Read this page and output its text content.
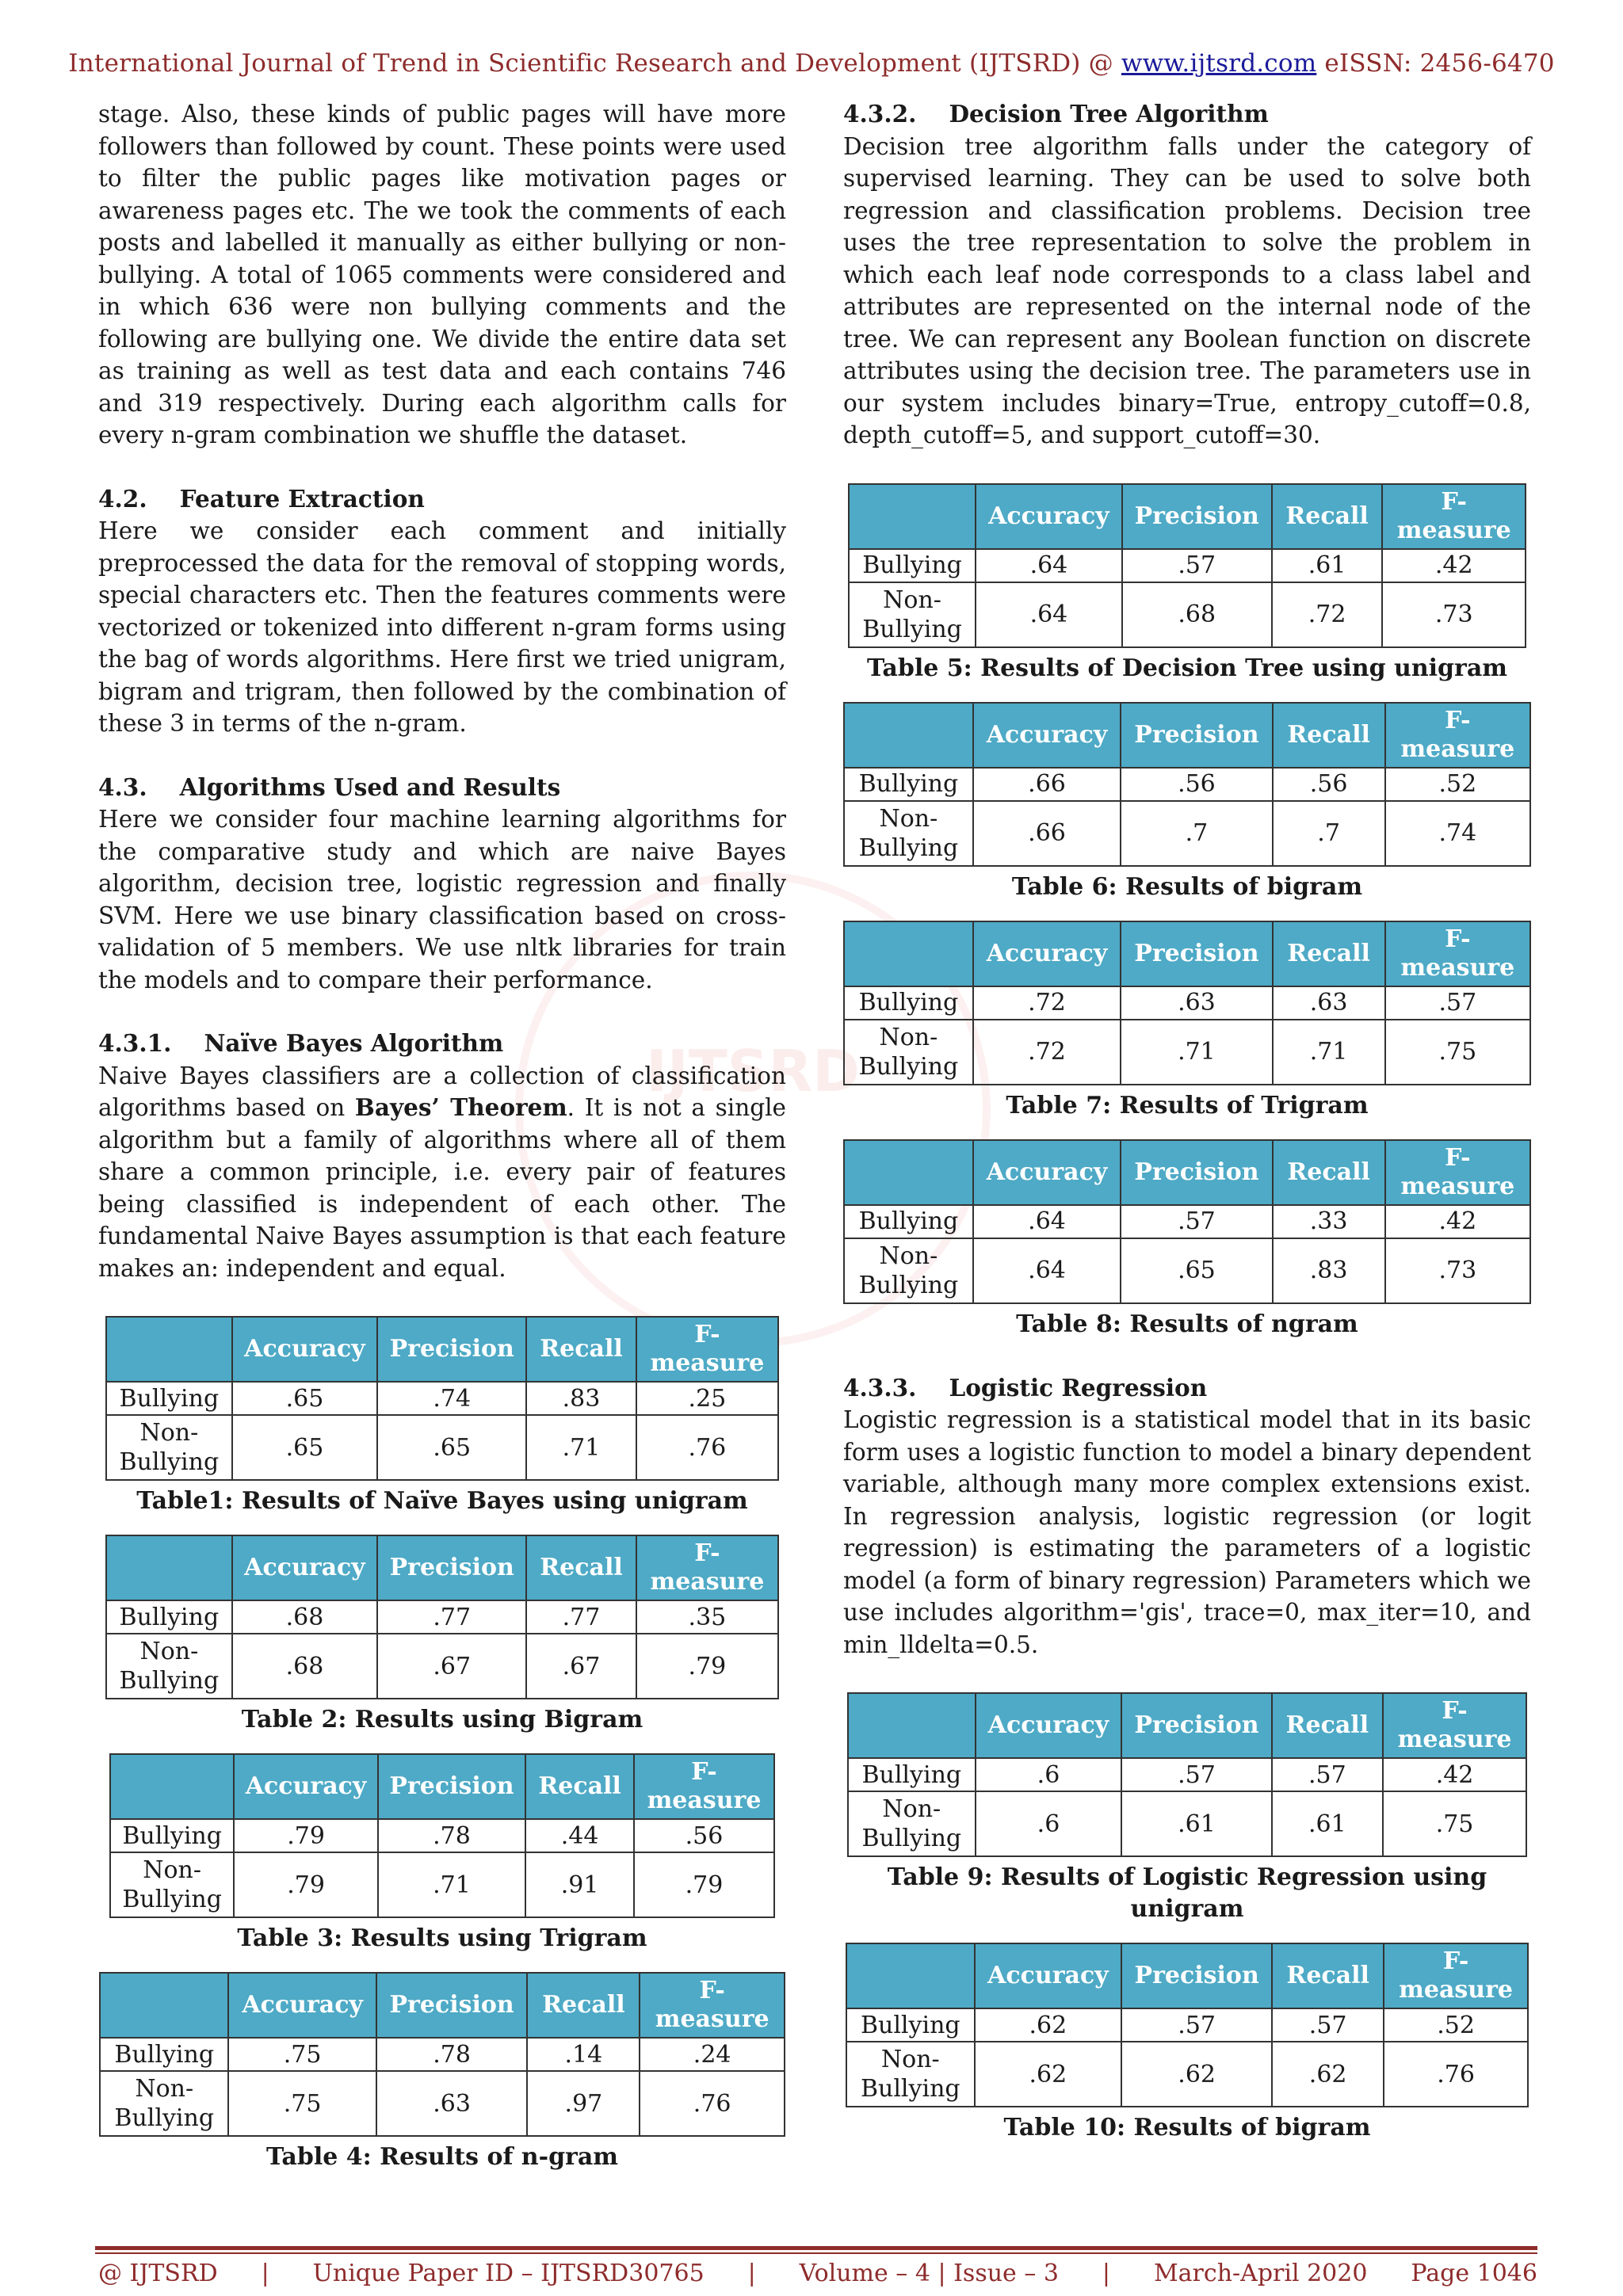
International Journal of Trend in Scientific Research and Development (IJTSRD) @ www.ijtsrd.com eISSN: 2456-6470
IJTSRD

stage. Also, these kinds of public pages will have more followers than followed by count. These points were used to filter the public pages like motivation pages or awareness pages etc. The we took the comments of each posts and labelled it manually as either bullying or non-bullying. A total of 1065 comments were considered and in which 636 were non bullying comments and the following are bullying one. We divide the entire data set as training as well as test data and each contains 746 and 319 respectively. During each algorithm calls for every n-gram combination we shuffle the dataset.

4.2.    Feature Extraction

Here we consider each comment and initially preprocessed the data for the removal of stopping words, special characters etc. Then the features comments were vectorized or tokenized into different n-gram forms using the bag of words algorithms. Here first we tried unigram, bigram and trigram, then followed by the combination of these 3 in terms of the n-gram.

4.3.    Algorithms Used and Results

Here we consider four machine learning algorithms for the comparative study and which are naive Bayes algorithm, decision tree, logistic regression and finally SVM. Here we use binary classification based on cross-validation of 5 members. We use nltk libraries for train the models and to compare their performance.

4.3.1.    Naïve Bayes Algorithm

Naive Bayes classifiers are a collection of classification algorithms based on Bayes’ Theorem. It is not a single algorithm but a family of algorithms where all of them share a common principle, i.e. every pair of features being classified is independent of each other. The fundamental Naive Bayes assumption is that each feature makes an: independent and equal.

	Accuracy	Precision	Recall	F-
measure
Bullying	.65	.74	.83	.25
Non-
Bullying	.65	.65	.71	.76
Table1: Results of Naïve Bayes using unigram
	Accuracy	Precision	Recall	F-
measure
Bullying	.68	.77	.77	.35
Non-
Bullying	.68	.67	.67	.79
Table 2: Results using Bigram
	Accuracy	Precision	Recall	F-
measure
Bullying	.79	.78	.44	.56
Non-
Bullying	.79	.71	.91	.79
Table 3: Results using Trigram
	Accuracy	Precision	Recall	F-
measure
Bullying	.75	.78	.14	.24
Non-
Bullying	.75	.63	.97	.76
Table 4: Results of n-gram
4.3.2.    Decision Tree Algorithm

Decision tree algorithm falls under the category of supervised learning. They can be used to solve both regression and classification problems. Decision tree uses the tree representation to solve the problem in which each leaf node corresponds to a class label and attributes are represented on the internal node of the tree. We can represent any Boolean function on discrete attributes using the decision tree. The parameters use in our system includes binary=True, entropy_cutoff=0.8, depth_cutoff=5, and support_cutoff=30.

	Accuracy	Precision	Recall	F-
measure
Bullying	.64	.57	.61	.42
Non-
Bullying	.64	.68	.72	.73
Table 5: Results of Decision Tree using unigram
	Accuracy	Precision	Recall	F-
measure
Bullying	.66	.56	.56	.52
Non-
Bullying	.66	.7	.7	.74
Table 6: Results of bigram
	Accuracy	Precision	Recall	F-
measure
Bullying	.72	.63	.63	.57
Non-
Bullying	.72	.71	.71	.75
Table 7: Results of Trigram
	Accuracy	Precision	Recall	F-
measure
Bullying	.64	.57	.33	.42
Non-
Bullying	.64	.65	.83	.73
Table 8: Results of ngram
4.3.3.    Logistic Regression

Logistic regression is a statistical model that in its basic form uses a logistic function to model a binary dependent variable, although many more complex extensions exist. In regression analysis, logistic regression (or logit regression) is estimating the parameters of a logistic model (a form of binary regression) Parameters which we use includes algorithm='gis', trace=0, max_iter=10, and min_lldelta=0.5.

	Accuracy	Precision	Recall	F-
measure
Bullying	.6	.57	.57	.42
Non-
Bullying	.6	.61	.61	.75
Table 9: Results of Logistic Regression using unigram
	Accuracy	Precision	Recall	F-
measure
Bullying	.62	.57	.57	.52
Non-
Bullying	.62	.62	.62	.76
Table 10: Results of bigram
@ IJTSRD | Unique Paper ID – IJTSRD30765 | Volume – 4 | Issue – 3 | March-April 2020 Page 1046
